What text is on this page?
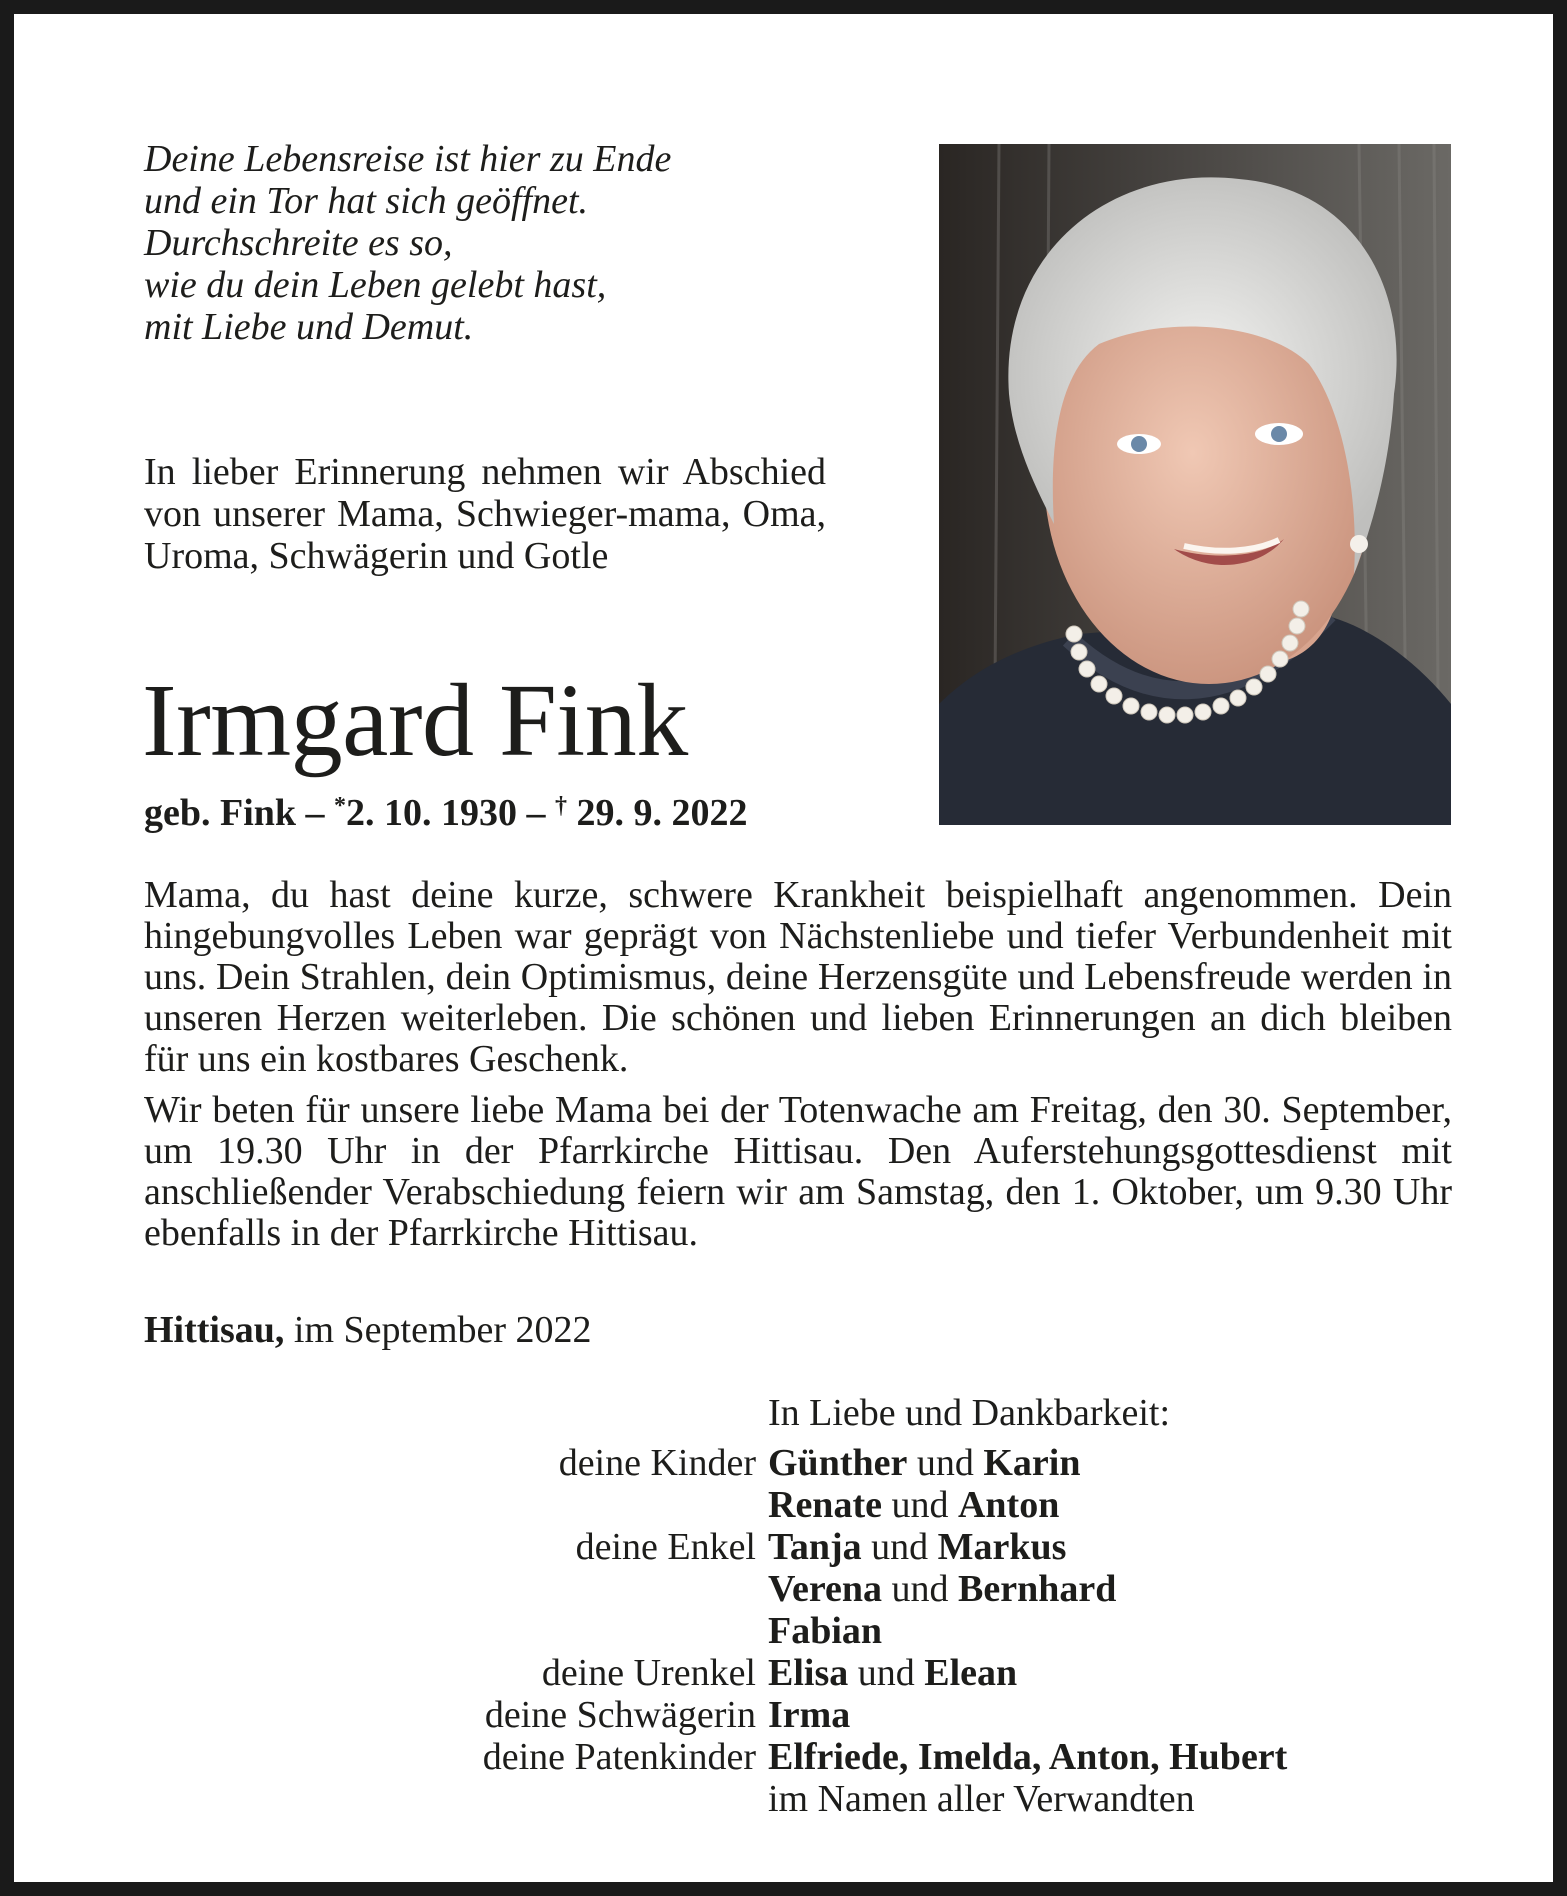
Deine Lebensreise ist hier zu Ende
und ein Tor hat sich geöffnet.
Durchschreite es so,
wie du dein Leben gelebt hast,
mit Liebe und Demut.

In lieber Erinnerung nehmen wir Abschied von unserer Mama, Schwieger-mama, Oma, Uroma, Schwägerin und Gotle

Irmgard Fink
geb. Fink – *2. 10. 1930 – † 29. 9. 2022

Mama, du hast deine kurze, schwere Krankheit beispielhaft angenommen. Dein hingebungvolles Leben war geprägt von Nächstenliebe und tiefer Verbundenheit mit uns. Dein Strahlen, dein Optimismus, deine Herzensgüte und Lebensfreude werden in unseren Herzen weiterleben. Die schönen und lieben Erinnerungen an dich bleiben für uns ein kostbares Geschenk.

Wir beten für unsere liebe Mama bei der Totenwache am Freitag, den 30. September, um 19.30 Uhr in der Pfarrkirche Hittisau. Den Auferstehungsgottesdienst mit anschließender Verabschiedung feiern wir am Samstag, den 1. Oktober, um 9.30 Uhr ebenfalls in der Pfarrkirche Hittisau.

Hittisau, im September 2022
In Liebe und Dankbarkeit:
deine Kinder Günther und Karin
Renate und Anton
deine Enkel Tanja und Markus
Verena und Bernhard
Fabian
deine Urenkel Elisa und Elean
deine Schwägerin Irma
deine Patenkinder Elfriede, Imelda, Anton, Hubert
im Namen aller Verwandten
